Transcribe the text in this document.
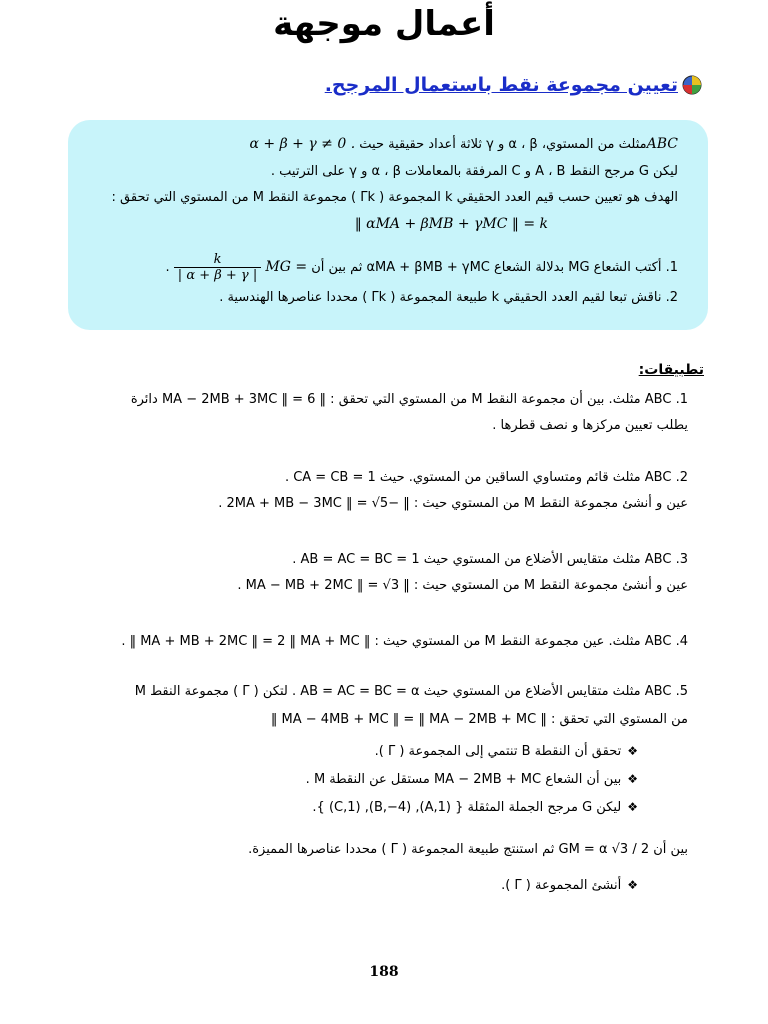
أعمال موجهة
تعيين مجموعة نقط باستعمال المرجح.
ABCمثلث من المستوي، α ، β و γ ثلاثة أعداد حقيقية حيث α + β + γ ≠ 0 .
ليكن G مرجح النقط A ، B و C المرفقة بالمعاملات α ، β و γ على الترتيب .
الهدف هو تعيين حسب قيم العدد الحقيقي k المجموعة ( Γk ) مجموعة النقط M من المستوي التي تحقق :
‖ αMA + βMB + γMC ‖ = k
1. أكتب الشعاع MG بدلالة الشعاع αMA + βMB + γMC ثم بين أن MG =
$\frac{k}{| \alpha + \beta + \gamma |}$
.
2. ناقش تبعا لقيم العدد الحقيقي k طبيعة المجموعة ( Γk ) محددا عناصرها الهندسية .
تطبيقات:
1. ABC مثلث. بين أن مجموعة النقط M من المستوي التي تحقق : ‖ MA − 2MB + 3MC ‖ = 6 دائرة
يطلب تعيين مركزها و نصف قطرها .
2. ABC مثلث قائم ومتساوي الساقين من المستوي. حيث CA = CB = 1 .
عين و أنشئ مجموعة النقط M من المستوي حيث : ‖ −2MA + MB − 3MC ‖ = √5 .
3. ABC مثلث متقايس الأضلاع من المستوي حيث AB = AC = BC = 1 .
عين و أنشئ مجموعة النقط M من المستوي حيث : ‖ MA − MB + 2MC ‖ = √3 .
4. ABC مثلث. عين مجموعة النقط M من المستوي حيث : ‖ MA + MB + 2MC ‖ = 2 ‖ MA + MC ‖ .
5. ABC مثلث متقايس الأضلاع من المستوي حيث AB = AC = BC = α . لتكن ( Γ ) مجموعة النقط M
من المستوي التي تحقق : ‖ MA − 4MB + MC ‖ = ‖ MA − 2MB + MC ‖
❖تحقق أن النقطة B تنتمي إلى المجموعة ( Γ ).
❖بين أن الشعاع MA − 2MB + MC مستقل عن النقطة M .
❖ليكن G مرجح الجملة المثقلة { (A,1), (B,−4), (C,1) }.
بين أن GM = α √3 / 2 ثم استنتج طبيعة المجموعة ( Γ ) محددا عناصرها المميزة.
❖أنشئ المجموعة ( Γ ).
188
